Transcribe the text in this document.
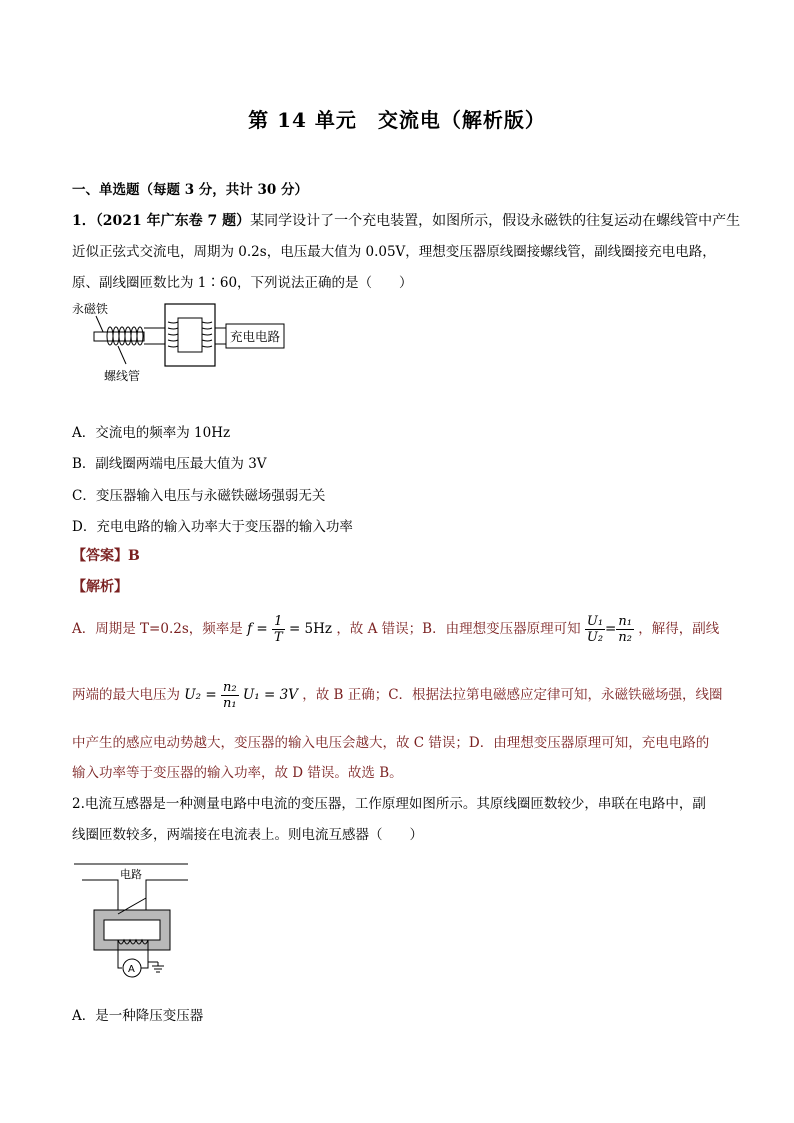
第 14 单元　交流电（解析版）
一、单选题（每题 3 分，共计 30 分）
1．（2021 年广东卷 7 题）某同学设计了一个充电装置，如图所示，假设永磁铁的往复运动在螺线管中产生
近似正弦式交流电，周期为 0.2s，电压最大值为 0.05V，理想变压器原线圈接螺线管，副线圈接充电电路，
原、副线圈匝数比为 1∶60，下列说法正确的是（　　）
永磁铁
螺线管
充电电路
A．交流电的频率为 10Hz
B．副线圈两端电压最大值为 3V
C．变压器输入电压与永磁铁磁场强弱无关
D．充电电路的输入功率大于变压器的输入功率
【答案】B
【解析】
A．周期是 T=0.2s，频率是 $f = \frac{1}{T} = 5Hz$ ，故 A 错误；B．由理想变压器原理可知 $\frac{\text{U₁}}{\text{U₂}} = \frac{\text{n₁}}{\text{n₂}}$ ，解得，副线
两端的最大电压为 $U_2 = \frac{\text{n₂}}{\text{n₁}} U_1 = 3V$ ，故 B 正确；C．根据法拉第电磁感应定律可知，永磁铁磁场强，线圈
中产生的感应电动势越大，变压器的输入电压会越大，故 C 错误；D．由理想变压器原理可知，充电电路的
输入功率等于变压器的输入功率，故 D 错误。故选 B。
2.电流互感器是一种测量电路中电流的变压器，工作原理如图所示。其原线圈匝数较少，串联在电路中，副
线圈匝数较多，两端接在电流表上。则电流互感器（　　）
电路
A
A．是一种降压变压器
